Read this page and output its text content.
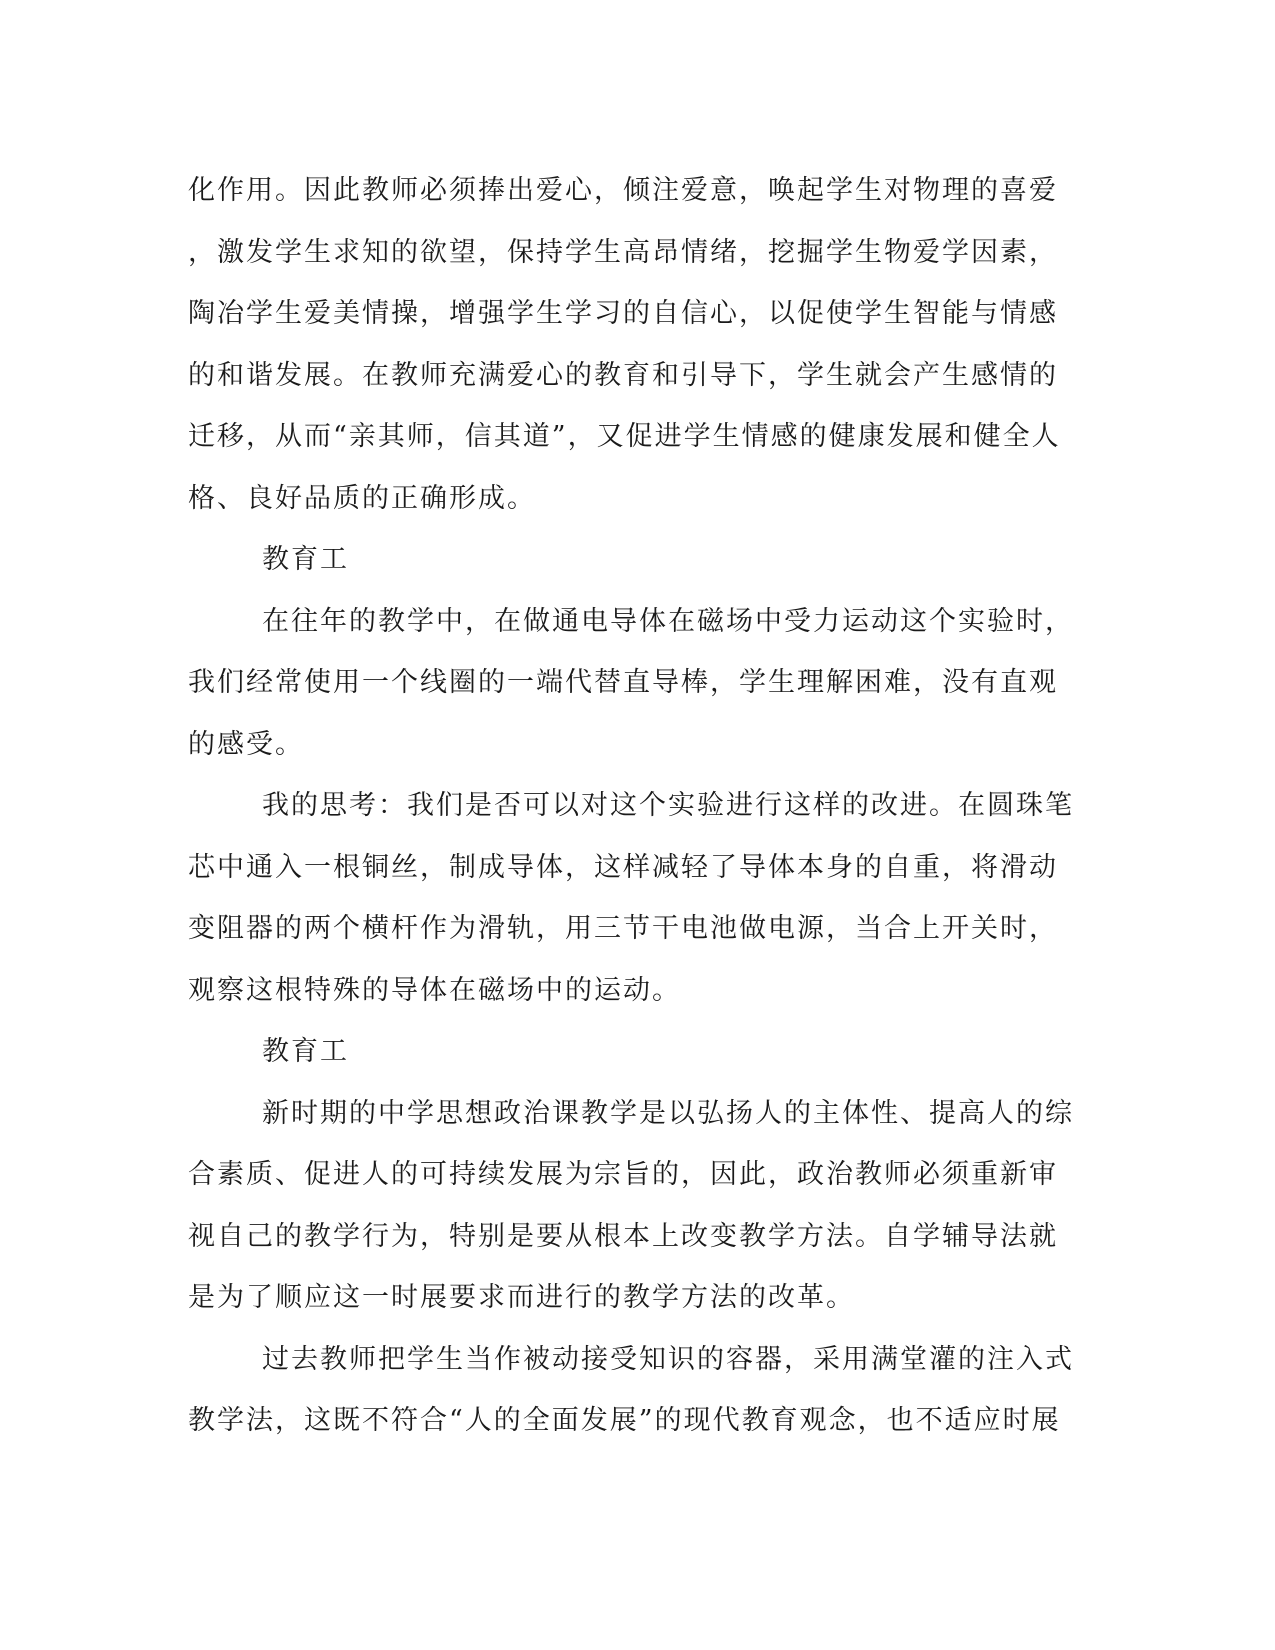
化作用。因此教师必须捧出爱心，倾注爱意，唤起学生对物理的喜爱
，激发学生求知的欲望，保持学生高昂情绪，挖掘学生物爱学因素，
陶冶学生爱美情操，增强学生学习的自信心，以促使学生智能与情感
的和谐发展。在教师充满爱心的教育和引导下，学生就会产生感情的
迁移，从而“亲其师，信其道”，又促进学生情感的健康发展和健全人
格、良好品质的正确形成。
教育工
在往年的教学中，在做通电导体在磁场中受力运动这个实验时，
我们经常使用一个线圈的一端代替直导棒，学生理解困难，没有直观
的感受。
我的思考：我们是否可以对这个实验进行这样的改进。在圆珠笔
芯中通入一根铜丝，制成导体，这样减轻了导体本身的自重，将滑动
变阻器的两个横杆作为滑轨，用三节干电池做电源，当合上开关时，
观察这根特殊的导体在磁场中的运动。
教育工
新时期的中学思想政治课教学是以弘扬人的主体性、提高人的综
合素质、促进人的可持续发展为宗旨的，因此，政治教师必须重新审
视自己的教学行为，特别是要从根本上改变教学方法。自学辅导法就
是为了顺应这一时展要求而进行的教学方法的改革。
过去教师把学生当作被动接受知识的容器，采用满堂灌的注入式
教学法，这既不符合“人的全面发展”的现代教育观念，也不适应时展
